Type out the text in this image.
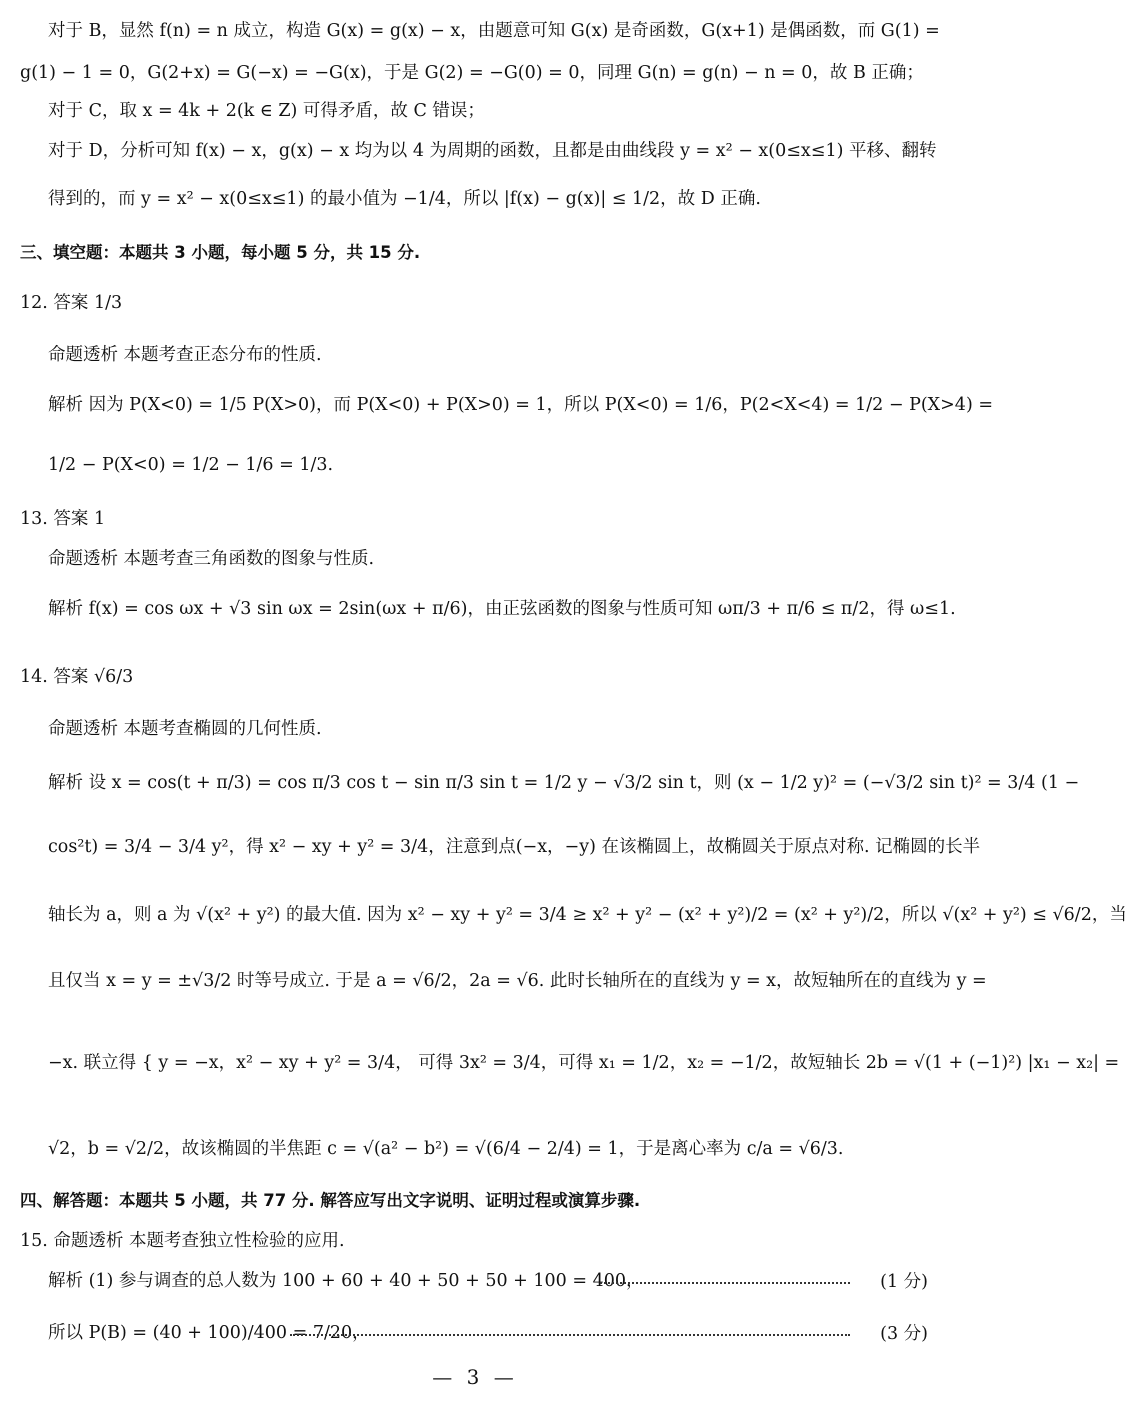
对于 B，显然 f(n) = n 成立，构造 G(x) = g(x) − x，由题意可知 G(x) 是奇函数，G(x+1) 是偶函数，而 G(1) =
g(1) − 1 = 0，G(2+x) = G(−x) = −G(x)，于是 G(2) = −G(0) = 0，同理 G(n) = g(n) − n = 0，故 B 正确；
对于 C，取 x = 4k + 2(k ∈ Z) 可得矛盾，故 C 错误；
对于 D，分析可知 f(x) − x，g(x) − x 均为以 4 为周期的函数，且都是由曲线段 y = x² − x(0≤x≤1) 平移、翻转
得到的，而 y = x² − x(0≤x≤1) 的最小值为 −1/4，所以 |f(x) − g(x)| ≤ 1/2，故 D 正确.
三、填空题：本题共 3 小题，每小题 5 分，共 15 分.
12. 答案 1/3
命题透析 本题考查正态分布的性质.
解析 因为 P(X<0) = 1/5 P(X>0)，而 P(X<0) + P(X>0) = 1，所以 P(X<0) = 1/6，P(2<X<4) = 1/2 − P(X>4) =
1/2 − P(X<0) = 1/2 − 1/6 = 1/3.
13. 答案 1
命题透析 本题考查三角函数的图象与性质.
解析 f(x) = cos ωx + √3 sin ωx = 2sin(ωx + π/6)，由正弦函数的图象与性质可知 ωπ/3 + π/6 ≤ π/2，得 ω≤1.
14. 答案 √6/3
命题透析 本题考查椭圆的几何性质.
解析 设 x = cos(t + π/3) = cos π/3 cos t − sin π/3 sin t = 1/2 y − √3/2 sin t，则 (x − 1/2 y)² = (−√3/2 sin t)² = 3/4 (1 −
cos²t) = 3/4 − 3/4 y²，得 x² − xy + y² = 3/4，注意到点(−x，−y) 在该椭圆上，故椭圆关于原点对称. 记椭圆的长半
轴长为 a，则 a 为 √(x² + y²) 的最大值. 因为 x² − xy + y² = 3/4 ≥ x² + y² − (x² + y²)/2 = (x² + y²)/2，所以 √(x² + y²) ≤ √6/2，当
且仅当 x = y = ±√3/2 时等号成立. 于是 a = √6/2，2a = √6. 此时长轴所在的直线为 y = x，故短轴所在的直线为 y =
−x. 联立得 { y = −x，x² − xy + y² = 3/4， 可得 3x² = 3/4，可得 x₁ = 1/2，x₂ = −1/2，故短轴长 2b = √(1 + (−1)²) |x₁ − x₂| =
√2，b = √2/2，故该椭圆的半焦距 c = √(a² − b²) = √(6/4 − 2/4) = 1，于是离心率为 c/a = √6/3.
四、解答题：本题共 5 小题，共 77 分. 解答应写出文字说明、证明过程或演算步骤.
15. 命题透析 本题考查独立性检验的应用.
解析 (1) 参与调查的总人数为 100 + 60 + 40 + 50 + 50 + 100 = 400，
所以 P(B) = (40 + 100)/400 = 7/20，
(1 分)
(3 分)
— 3 —
